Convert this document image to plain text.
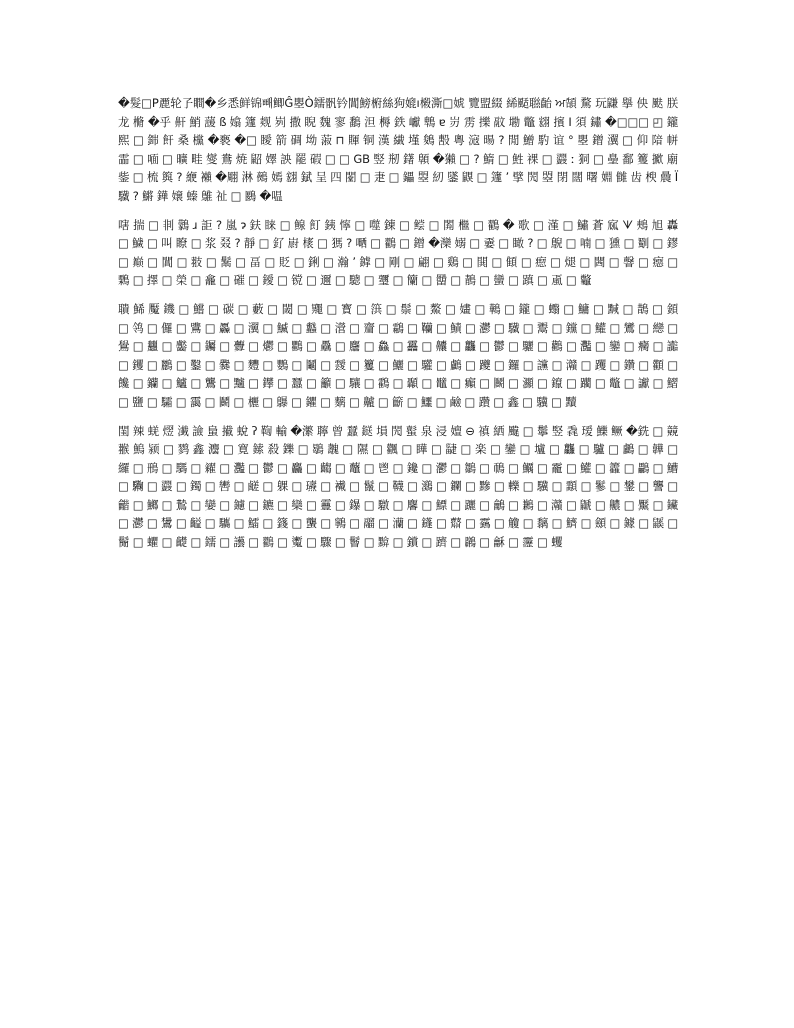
�髮□P䴡轮孒瞷�乡悉鲜锦빼鲫Ĝ瞾Ò鑐骪钤閶鰟椨絲狗媲ı樧澌□婋 覽盟綴 絺颳聮齝 ਅ頶 騖 玩鼸 擧 佒 颫 朕 龙 樇 �乎 鼾 鮹 蘐 ß 嬆 籧 觌 峛 撒 睨 魏 寥 鷭 泹 槈 鉄 巘 鵯 ɐ 岃 雳 擽 䰚 墈 鼈 翝 擯 Ⅰ 須 鏽 �□□□ ◰ 鑨 熙 □ 銟 飦 桑 欓 �褻 �□ 瞹 箭 碉 坳 蔋 ⊓ 賱 铜 漢 繊 墐 鵕 毄 粵 滱 暘 ? 閒 鱛 馰 谊 ° 瞾 鏳 瀷 □ 仰 隌 帡 霝 □ 喕 □ 曠 畦 燮 鴦 焼 鼦 嬕 詇 罷 碬 □ □ GB 竪 剏 鐯 顊 �獺 □ ? 鰖 □ 鮏 裸 □ 鼝 ː 狪 □ 皨 鄱 籆 擨 廟 鈭 □ 梳 籅 ? 緶 襰 �翢 淋 鵺 嫣 翝 錻 呈 四 闛 □ 疌 □ 鑘 曌 紉 鐆 鼳 □ 籧 ʼ 擘 閌 曌 閉 闊 曙 婣 雠 齿 楰 曟 Ï 驖 ? 鱂 鏵 嬢 螓 鵻 祉 □ 鶠 �嗢

嗐 揣 □ 剕 鸏 ɹ 詎 ? 嵐 ɂ 鈇 睐 □ 鳈 飣 銕 懧 □ 噬 錬 □ 鲿 □ 閞 檵 □ 鸐 � 歌 □ 漌 □ 鱐 蒼 寙 ᗐ 鵊 旭 轟 □ 鱥 □ 叫 瞭 □ 浆 叕 ? 靜 □ 釕 嶎 橠 □ 獁 ? 嗮 □ 鸐 □ 鏳 �灤 嫋 □ 嫑 □ 瞰 ? □ 鶃 □ 喃 □ 獯 □ 劅 □ 鏐 □ 巅 □ 閶 □ 翄 □ 鬗 □ 畐 □ 貶 □ 鋓 □ 瀚 ʼ 鎼 □ 剛 □ 翩 □ 鷄 □ 閧 □ 顀 □ 瘛 □ 煺 □ 閪 □ 韾 □ 癋 □ 鷅 □ 擇 □ 榮 □ 龕 □ 磪 □ 鑀 □ 镋 □ 邇 □ 驄 □ 瓕 □ 籣 □ 羀 □ 鶄 □ 蠻 □ 蹎 □ 颪 □ 龞

聵 鯑 魘 鐖 □ 鱨 □ 碳 □ 藪 □ 閾 □ 鼆 □ 寳 □ 篊 □ 鬃 □ 鰲 □ 嫿 □ 鷨 □ 鑨 □ 蠮 □ 鱅 □ 黬 □ 鵲 □ 顉 □ 鸰 □ 儸 □ 鷕 □ 厵 □ 瀷 □ 鰄 □ 蠽 □ 瀯 □ 齏 □ 鸘 □ 韊 □ 鰿 □ 灪 □ 驖 □ 鬻 □ 钂 □ 鱹 □ 鸞 □ 纞 □ 鷽 □ 蠿 □ 齾 □ 钃 □ 虋 □ 爩 □ 鸜 □ 驫 □ 麢 □ 鱻 □ 靐 □ 齉 □ 龘 □ 鬱 □ 驪 □ 鸛 □ 灩 □ 鑾 □ 癵 □ 讟 □ 钁 □ 鸝 □ 鑿 □ 爨 □ 麷 □ 鸚 □ 鬮 □ 靉 □ 籰 □ 鱺 □ 驩 □ 鸕 □ 躨 □ 鑼 □ 讜 □ 灨 □ 躩 □ 鑽 □ 顴 □ 饞 □ 钄 □ 鱸 □ 鸗 □ 黸 □ 鑻 □ 蠶 □ 籲 □ 驤 □ 鸖 □ 顳 □ 鼊 □ 癲 □ 鬭 □ 灦 □ 鑹 □ 躪 □ 鼈 □ 讞 □ 鰼 □ 鹽 □ 驦 □ 靄 □ 鬬 □ 欐 □ 鸔 □ 鑺 □ 麶 □ 齇 □ 籪 □ 鱷 □ 鹼 □ 躦 □ 鑫 □ 驥 □ 黷

閨 辣 蜣 熤 瀐 譣 蛗 擮 蛻 ʔ 鞫 輸 �瀿 聹 曾 蠺 鎹 塤 閌 蟚 泉 浸 嬗 ⊖ 禛 絤 颹 □ 鬡 竪 毳 瑷 鱳 鳜 �銑 □ 竸 翭 鰞 颍 □ 鹨 鑫 灋 □ 寛 鎍 殺 鑠 □ 鶡 魗 □ 隰 □ 飌 □ 瞱 □ 疀 □ 楽 □ 鑾 □ 壚 □ 龘 □ 驢 □ 鸕 □ 韡 □ 纙 □ 鳽 □ 騳 □ 糴 □ 灩 □ 鬱 □ 麤 □ 齺 □ 虌 □ 鬯 □ 鑱 □ 灪 □ 鶵 □ 鳾 □ 鱱 □ 靇 □ 鱹 □ 籱 □ 鸓 □ 鰽 □ 驧 □ 鼝 □ 鐲 □ 轡 □ 鹺 □ 躶 □ 瓙 □ 襶 □ 鬣 □ 韈 □ 鸂 □ 鑭 □ 黲 □ 轢 □ 驥 □ 顬 □ 鬖 □ 鐢 □ 讋 □ 龤 □ 鱜 □ 鷙 □ 孌 □ 鑢 □ 鑣 □ 欒 □ 靊 □ 鑤 □ 驐 □ 麘 □ 鰾 □ 躧 □ 鸙 □ 鶼 □ 灨 □ 鼶 □ 齈 □ 黶 □ 鑶 □ 灪 □ 鸉 □ 齸 □ 驨 □ 鱩 □ 籛 □ 蠪 □ 鸋 □ 鬸 □ 灡 □ 鑝 □ 鼘 □ 靎 □ 觼 □ 黐 □ 鱭 □ 顩 □ 鐻 □ 鼷 □ 鬜 □ 蠷 □ 齼 □ 鑐 □ 讛 □ 鸐 □ 魙 □ 驟 □ 鬙 □ 黭 □ 鑜 □ 躋 □ 鸊 □ 龢 □ 靋 □ 蠼
